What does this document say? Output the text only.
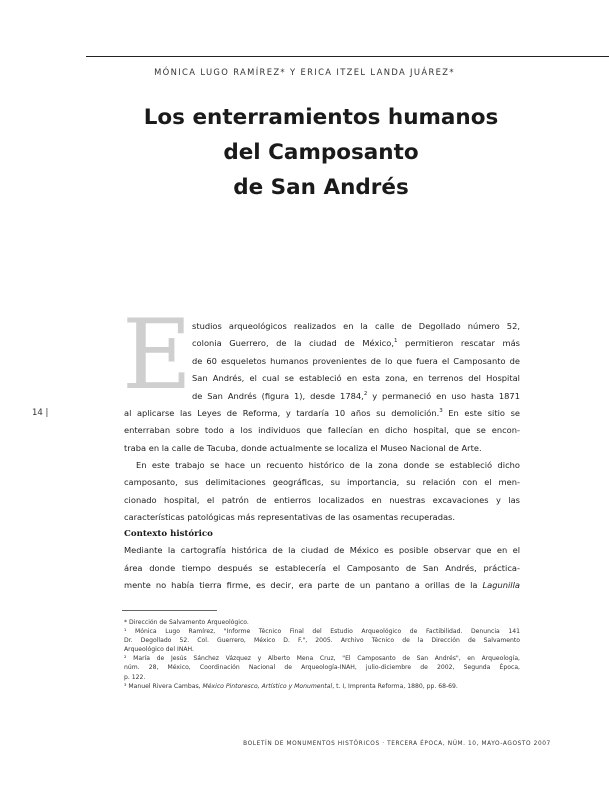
MÓNICA LUGO RAMÍREZ* Y ERICA ITZEL LANDA JUÁREZ*
Los enterramientos humanos
del Camposanto
de San Andrés
E
14 |
studios arqueológicos realizados en la calle de Degollado número 52,
colonia Guerrero, de la ciudad de México,$^1$ permitieron rescatar más
de 60 esqueletos humanos provenientes de lo que fuera el Camposanto de
San Andrés, el cual se estableció en esta zona, en terrenos del Hospital
de San Andrés (figura 1), desde 1784,$^2$ y permaneció en uso hasta 1871
al aplicarse las Leyes de Reforma, y tardaría 10 años su demolición.$^3$ En este sitio se
enterraban sobre todo a los individuos que fallecían en dicho hospital, que se encon-
traba en la calle de Tacuba, donde actualmente se localiza el Museo Nacional de Arte.
En este trabajo se hace un recuento histórico de la zona donde se estableció dicho
camposanto, sus delimitaciones geográficas, su importancia, su relación con el men-
cionado hospital, el patrón de entierros localizados en nuestras excavaciones y las
características patológicas más representativas de las osamentas recuperadas.
Contexto histórico
Mediante la cartografía histórica de la ciudad de México es posible observar que en el
área donde tiempo después se establecería el Camposanto de San Andrés, práctica-
mente no había tierra firme, es decir, era parte de un pantano a orillas de la Lagunilla
* Dirección de Salvamento Arqueológico.
¹ Mónica Lugo Ramírez, "Informe Técnico Final del Estudio Arqueológico de Factibilidad. Denuncia 141
Dr. Degollado 52. Col. Guerrero, México D. F.", 2005. Archivo Técnico de la Dirección de Salvamento
Arqueológico del INAH.
² María de Jesús Sánchez Vázquez y Alberto Mena Cruz, "El Camposanto de San Andrés", en Arqueología,
núm. 28, México, Coordinación Nacional de Arqueología-INAH, julio-diciembre de 2002, Segunda Época,
p. 122.
³ Manuel Rivera Cambas, México Pintoresco, Artístico y Monumental, t. I, Imprenta Reforma, 1880, pp. 68-69.
BOLETÍN DE MONUMENTOS HISTÓRICOS · TERCERA ÉPOCA, NÚM. 10, MAYO-AGOSTO 2007
